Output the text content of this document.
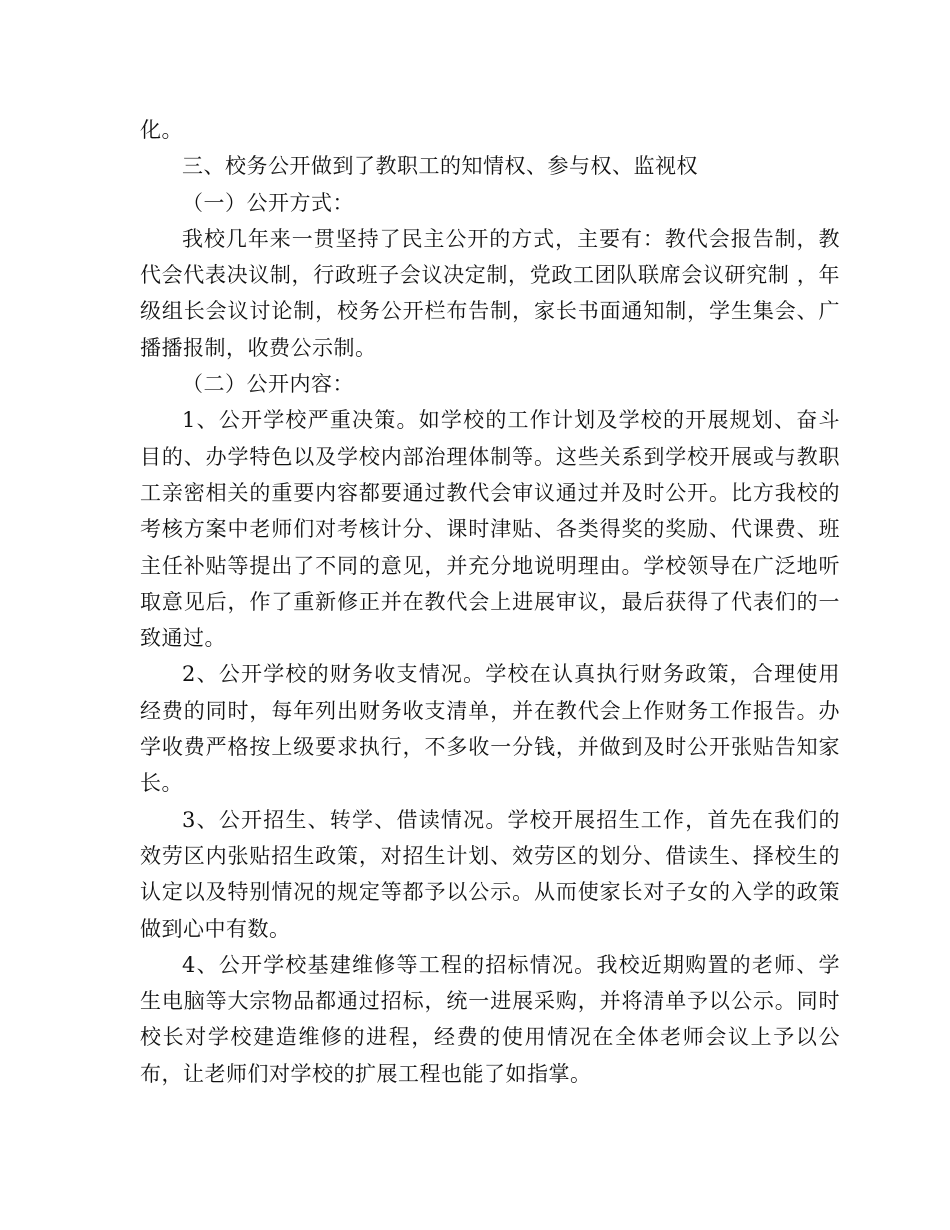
化。

三、校务公开做到了教职工的知情权、参与权、监视权

（一）公开方式：

我校几年来一贯坚持了民主公开的方式，主要有：教代会报告制，教代会代表决议制，行政班子会议决定制，党政工团队联席会议研究制 ，年级组长会议讨论制，校务公开栏布告制，家长书面通知制，学生集会、广播播报制，收费公示制。

（二）公开内容：

1、公开学校严重决策。如学校的工作计划及学校的开展规划、奋斗目的、办学特色以及学校内部治理体制等。这些关系到学校开展或与教职工亲密相关的重要内容都要通过教代会审议通过并及时公开。比方我校的考核方案中老师们对考核计分、课时津贴、各类得奖的奖励、代课费、班主任补贴等提出了不同的意见，并充分地说明理由。学校领导在广泛地听取意见后，作了重新修正并在教代会上进展审议，最后获得了代表们的一致通过。

2、公开学校的财务收支情况。学校在认真执行财务政策，合理使用经费的同时，每年列出财务收支清单，并在教代会上作财务工作报告。办学收费严格按上级要求执行，不多收一分钱，并做到及时公开张贴告知家长。

3、公开招生、转学、借读情况。学校开展招生工作，首先在我们的效劳区内张贴招生政策，对招生计划、效劳区的划分、借读生、择校生的认定以及特别情况的规定等都予以公示。从而使家长对子女的入学的政策做到心中有数。

4、公开学校基建维修等工程的招标情况。我校近期购置的老师、学生电脑等大宗物品都通过招标，统一进展采购，并将清单予以公示。同时校长对学校建造维修的进程，经费的使用情况在全体老师会议上予以公布，让老师们对学校的扩展工程也能了如指掌。
